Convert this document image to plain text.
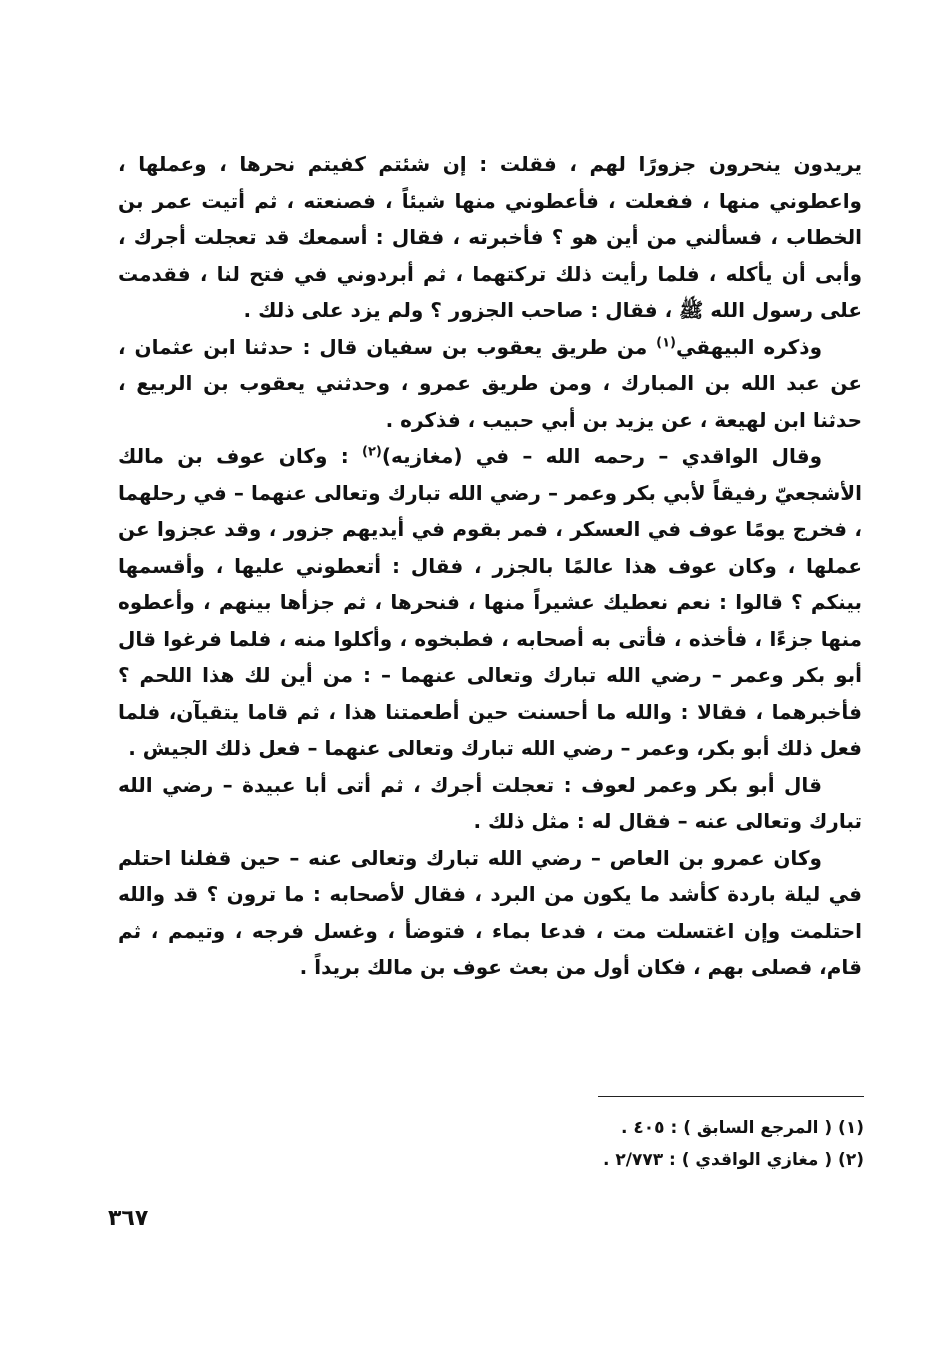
يريدون ينحرون جزورًا لهم ، فقلت : إن شئتم كفيتم نحرها ، وعملها ، واعطوني منها ، ففعلت ، فأعطوني منها شيئاً ، فصنعته ، ثم أتيت عمر بن الخطاب ، فسألني من أين هو ؟ فأخبرته ، فقال : أسمعك قد تعجلت أجرك ، وأبى أن يأكله ، فلما رأيت ذلك تركتهما ، ثم أبردوني في فتح لنا ، فقدمت على رسول الله ﷺ ، فقال : صاحب الجزور ؟ ولم يزد على ذلك .

وذكره البيهقي$^{(١)}$ من طريق يعقوب بن سفيان قال : حدثنا ابن عثمان ، عن عبد الله بن المبارك ، ومن طريق عمرو ، وحدثني يعقوب بن الربيع ، حدثنا ابن لهيعة ، عن يزيد بن أبي حبيب ، فذكره .

وقال الواقدي – رحمه الله – في (مغازيه)$^{(٢)}$ : وكان عوف بن مالك الأشجعيّ رفيقاً لأبي بكر وعمر – رضي الله تبارك وتعالى عنهما – في رحلهما ، فخرج يومًا عوف في العسكر ، فمر بقوم في أيديهم جزور ، وقد عجزوا عن عملها ، وكان عوف هذا عالمًا بالجزر ، فقال : أتعطوني عليها ، وأقسمها بينكم ؟ قالوا : نعم نعطيك عشيراً منها ، فنحرها ، ثم جزأها بينهم ، وأعطوه منها جزءًا ، فأخذه ، فأتى به أصحابه ، فطبخوه ، وأكلوا منه ، فلما فرغوا قال أبو بكر وعمر – رضي الله تبارك وتعالى عنهما – : من أين لك هذا اللحم ؟ فأخبرهما ، فقالا : والله ما أحسنت حين أطعمتنا هذا ، ثم قاما يتقيآن، فلما فعل ذلك أبو بكر، وعمر – رضي الله تبارك وتعالى عنهما – فعل ذلك الجيش .

قال أبو بكر وعمر لعوف : تعجلت أجرك ، ثم أتى أبا عبيدة – رضي الله تبارك وتعالى عنه – فقال له : مثل ذلك .

وكان عمرو بن العاص – رضي الله تبارك وتعالى عنه – حين قفلنا احتلم في ليلة باردة كأشد ما يكون من البرد ، فقال لأصحابه : ما ترون ؟ قد والله احتلمت وإن اغتسلت مت ، فدعا بماء ، فتوضأ ، وغسل فرجه ، وتيمم ، ثم قام، فصلى بهم ، فكان أول من بعث عوف بن مالك بريداً .

(١) ( المرجع السابق ) : ٤٠٥ .

(٢) ( مغازي الواقدي ) : ٢/٧٧٣ .

٣٦٧
